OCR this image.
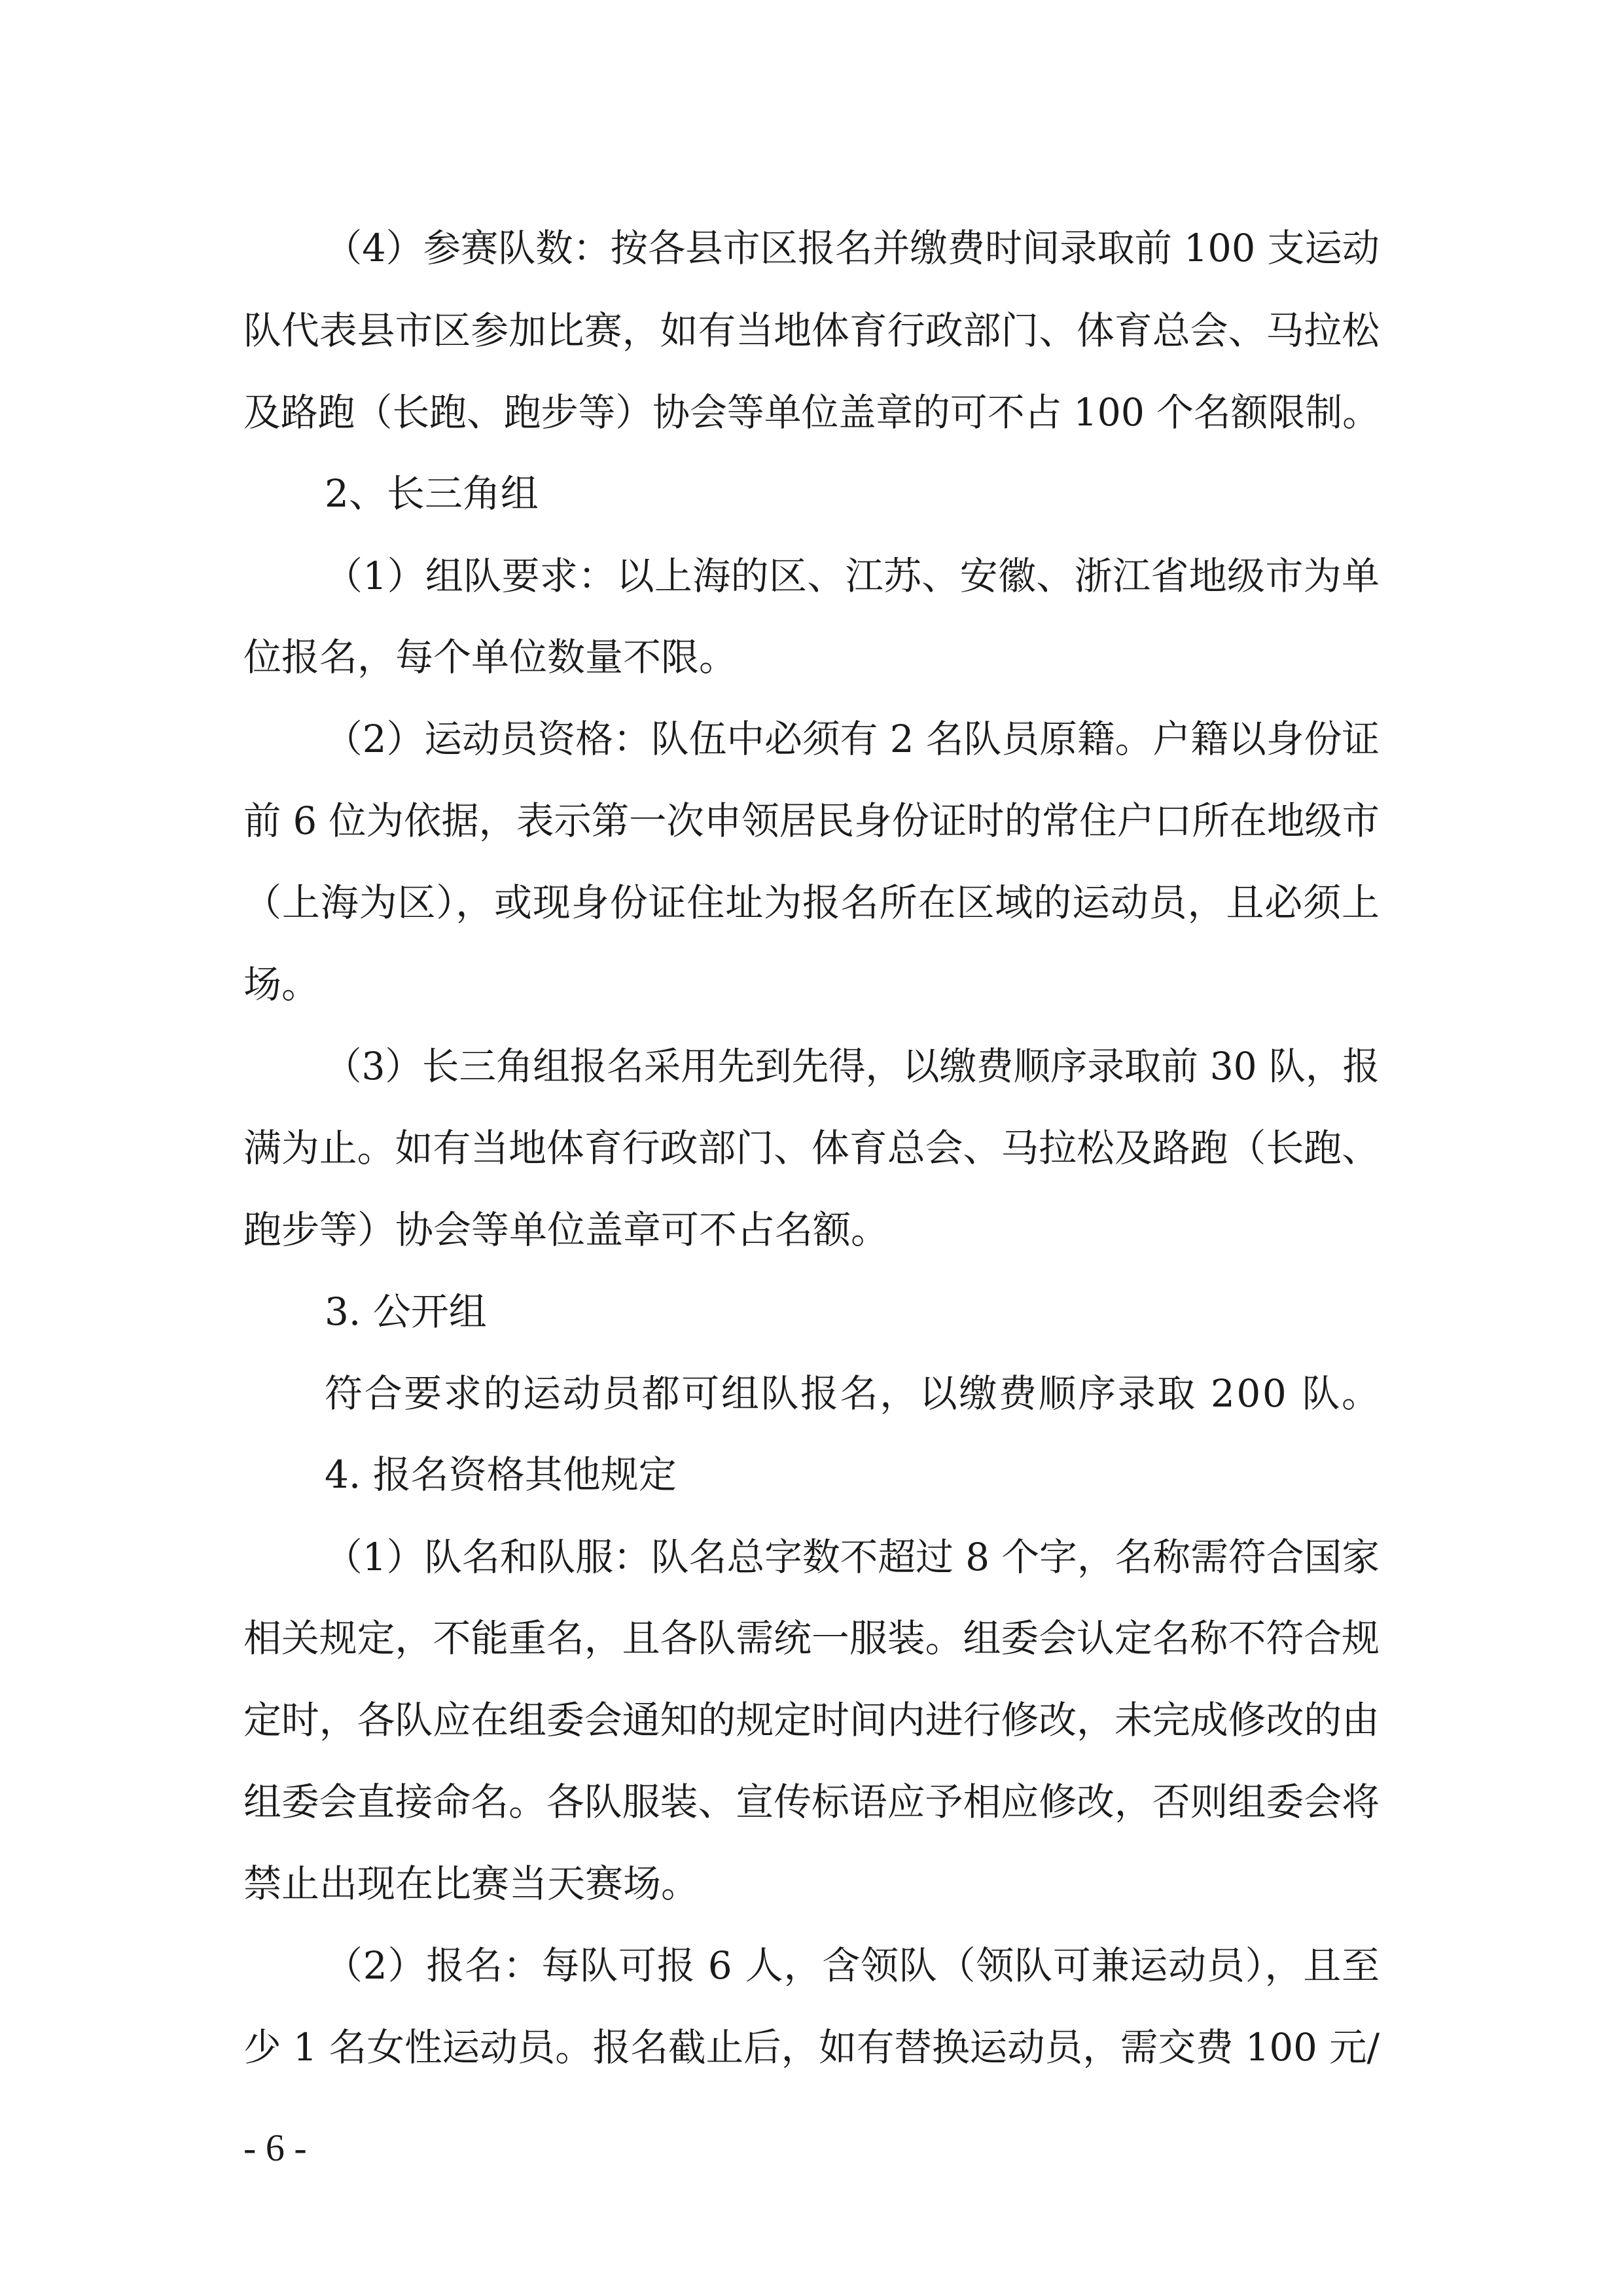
（4）参赛队数：按各县市区报名并缴费时间录取前 100 支运动
队代表县市区参加比赛，如有当地体育行政部门、体育总会、马拉松
及路跑（长跑、跑步等）协会等单位盖章的可不占 100 个名额限制。
2、长三角组
（1）组队要求：以上海的区、江苏、安徽、浙江省地级市为单
位报名，每个单位数量不限。
（2）运动员资格：队伍中必须有 2 名队员原籍。户籍以身份证
前 6 位为依据，表示第一次申领居民身份证时的常住户口所在地级市
（上海为区），或现身份证住址为报名所在区域的运动员，且必须上
场。
（3）长三角组报名采用先到先得，以缴费顺序录取前 30 队，报
满为止。如有当地体育行政部门、体育总会、马拉松及路跑（长跑、
跑步等）协会等单位盖章可不占名额。
3. 公开组
符合要求的运动员都可组队报名，以缴费顺序录取 200 队。
4. 报名资格其他规定
（1）队名和队服：队名总字数不超过 8 个字，名称需符合国家
相关规定，不能重名，且各队需统一服装。组委会认定名称不符合规
定时，各队应在组委会通知的规定时间内进行修改，未完成修改的由
组委会直接命名。各队服装、宣传标语应予相应修改，否则组委会将
禁止出现在比赛当天赛场。
（2）报名：每队可报 6 人，含领队（领队可兼运动员），且至
少 1 名女性运动员。报名截止后，如有替换运动员，需交费 100 元/
- 6 -
